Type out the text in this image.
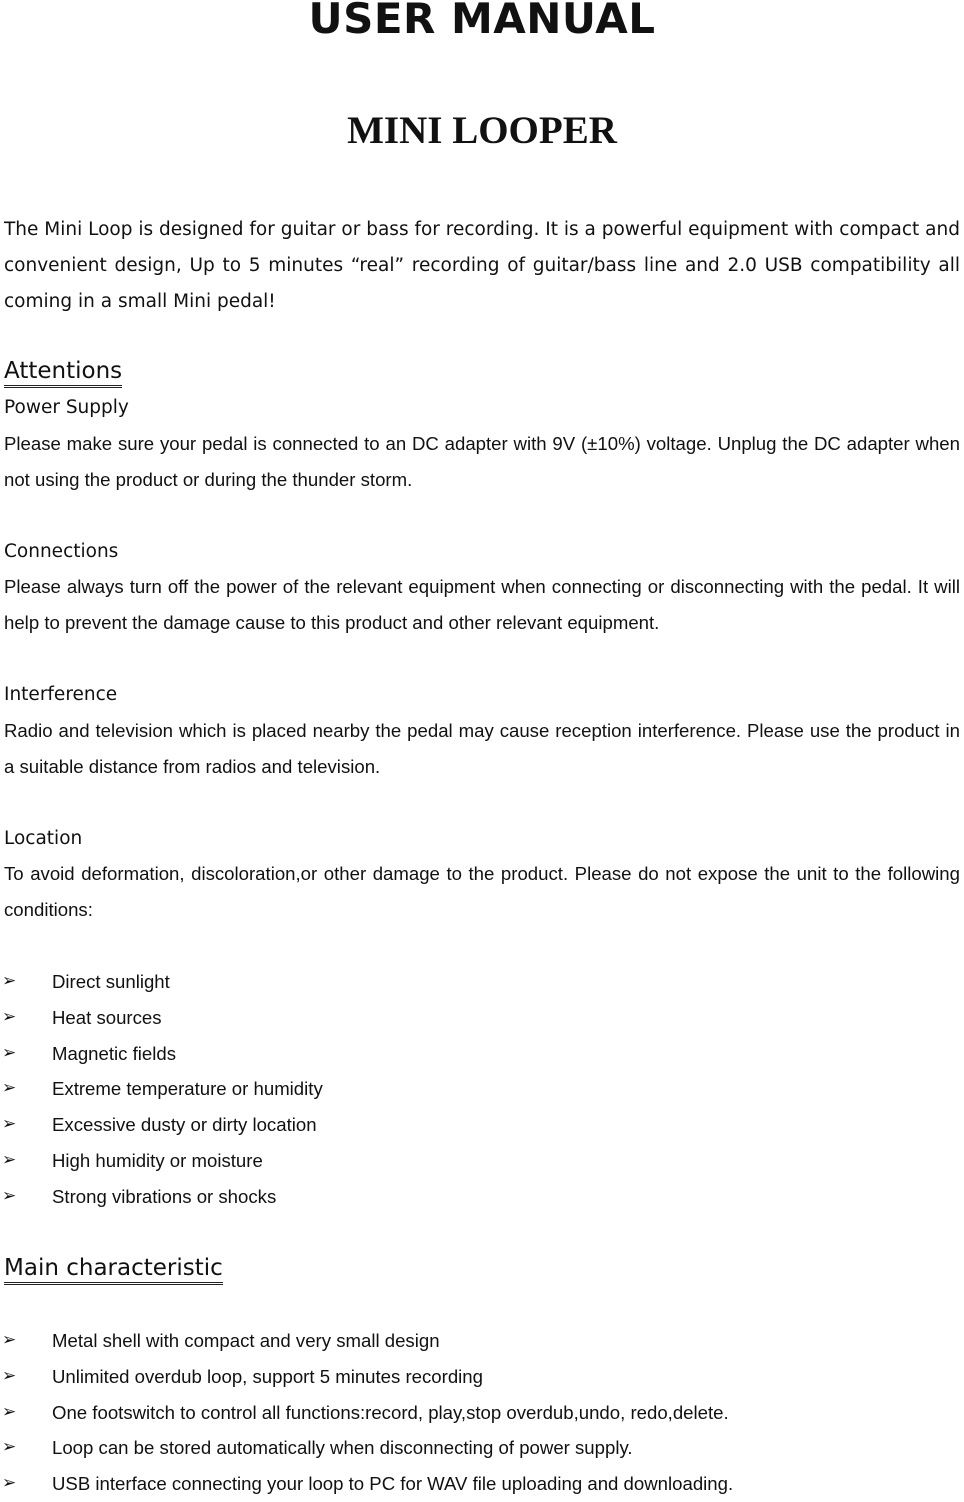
USER MANUAL
MINI LOOPER

The Mini Loop is designed for guitar or bass for recording. It is a powerful equipment with compact and convenient design, Up to 5 minutes “real” recording of guitar/bass line and 2.0 USB compatibility all coming in a small Mini pedal!

Attentions
Power Supply

Please make sure your pedal is connected to an DC adapter with 9V (±10%) voltage. Unplug the DC adapter when not using the product or during the thunder storm.

Connections

Please always turn off the power of the relevant equipment when connecting or disconnecting with the pedal. It will help to prevent the damage cause to this product and other relevant equipment.

Interference

Radio and television which is placed nearby the pedal may cause reception interference. Please use the product in a suitable distance from radios and television.

Location

To avoid deformation, discoloration,or other damage to the product. Please do not expose the unit to the following conditions:

➢	Direct sunlight
➢	Heat sources
➢	Magnetic fields
➢	Extreme temperature or humidity
➢	Excessive dusty or dirty location
➢	High humidity or moisture
➢	Strong vibrations or shocks
Main characteristic
➢	Metal shell with compact and very small design
➢	Unlimited overdub loop, support 5 minutes recording
➢	One footswitch to control all functions:record, play,stop overdub,undo, redo,delete.
➢	Loop can be stored automatically when disconnecting of power supply.
➢	USB interface connecting your loop to PC for WAV file uploading and downloading.
